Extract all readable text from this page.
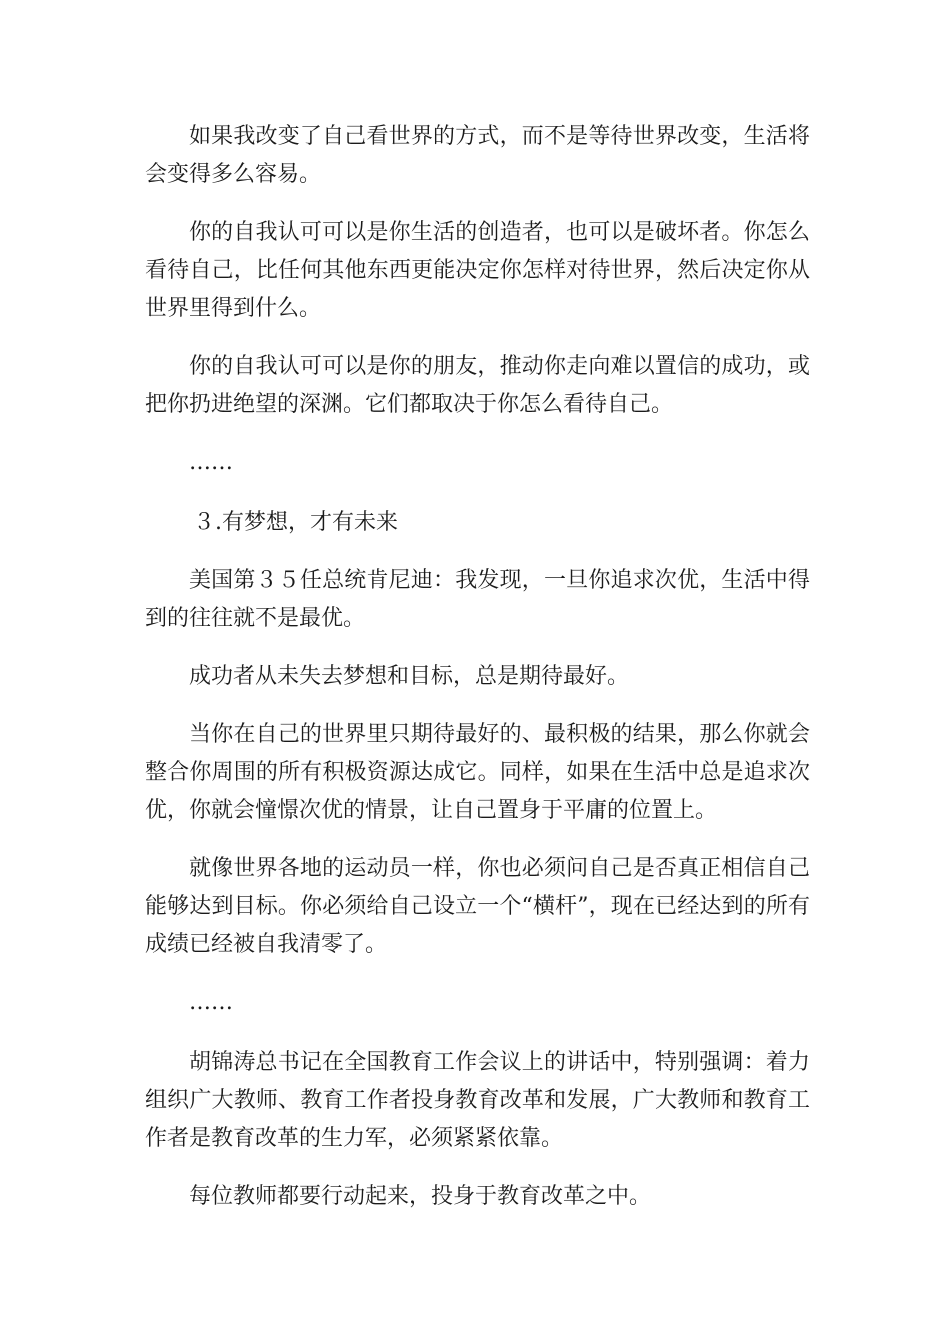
如果我改变了自己看世界的方式，而不是等待世界改变，生活将会变得多么容易。

你的自我认可可以是你生活的创造者，也可以是破坏者。你怎么看待自己，比任何其他东西更能决定你怎样对待世界，然后决定你从世界里得到什么。

你的自我认可可以是你的朋友，推动你走向难以置信的成功，或把你扔进绝望的深渊。它们都取决于你怎么看待自己。

……

３.有梦想，才有未来

美国第３５任总统肯尼迪：我发现，一旦你追求次优，生活中得到的往往就不是最优。

成功者从未失去梦想和目标，总是期待最好。

当你在自己的世界里只期待最好的、最积极的结果，那么你就会整合你周围的所有积极资源达成它。同样，如果在生活中总是追求次优，你就会憧憬次优的情景，让自己置身于平庸的位置上。

就像世界各地的运动员一样，你也必须问自己是否真正相信自己能够达到目标。你必须给自己设立一个“横杆”，现在已经达到的所有成绩已经被自我清零了。

……

胡锦涛总书记在全国教育工作会议上的讲话中，特别强调：着力组织广大教师、教育工作者投身教育改革和发展，广大教师和教育工作者是教育改革的生力军，必须紧紧依靠。

每位教师都要行动起来，投身于教育改革之中。
